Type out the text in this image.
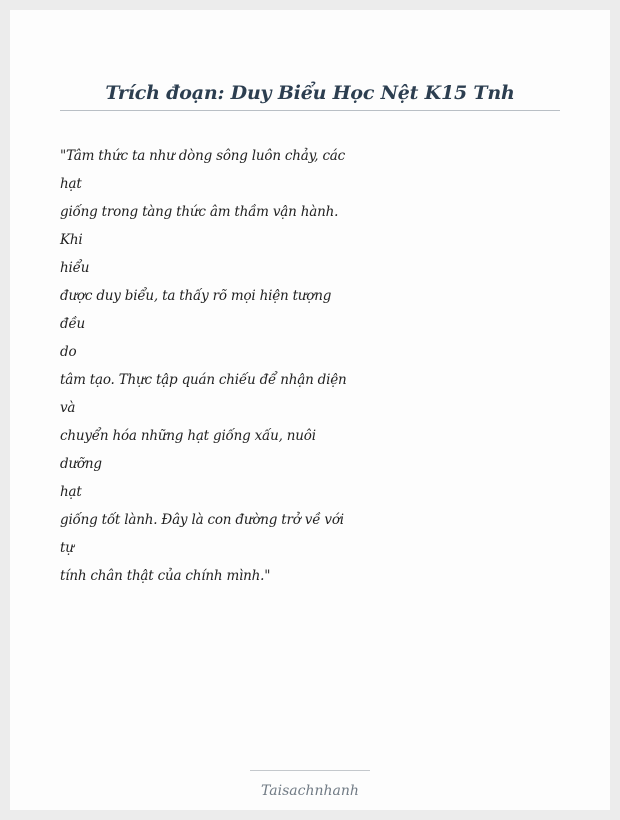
Trích đoạn: Duy Biểu Học Nệt K15 Tnh
"Tâm thức ta như dòng sông luôn chảy, các hạt
giống trong tàng thức âm thầm vận hành. Khi
hiểu
được duy biểu, ta thấy rõ mọi hiện tượng đều
do
tâm tạo. Thực tập quán chiếu để nhận diện và
chuyển hóa những hạt giống xấu, nuôi dưỡng
hạt
giống tốt lành. Đây là con đường trở về với
tự
tính chân thật của chính mình."
Taisachnhanh
